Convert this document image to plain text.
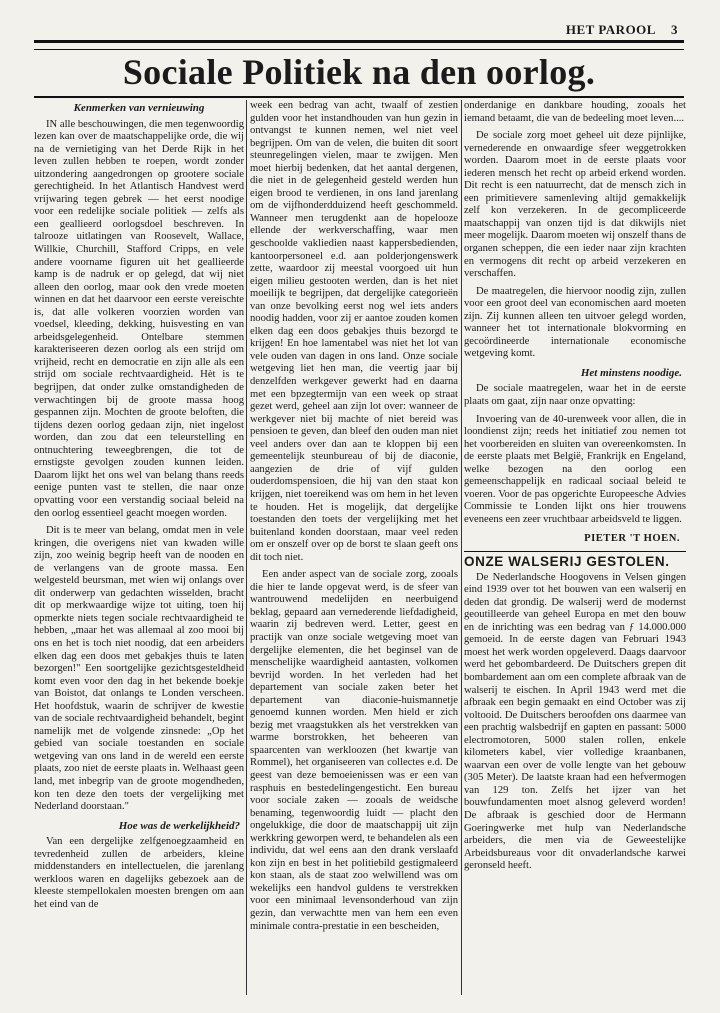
HET PAROOL 3
Sociale Politiek na den oorlog.
Kenmerken van vernieuwing

IN alle beschouwingen, die men tegenwoordig lezen kan over de maatschappelijke orde, die wij na de vernietiging van het Derde Rijk in het leven zullen hebben te roepen, wordt zonder uitzondering aangedrongen op grootere sociale gerechtigheid. In het Atlantisch Handvest werd vrijwaring tegen gebrek — het eerst noodige voor een redelijke sociale politiek — zelfs als een geallieerd oorlogsdoel beschreven. In talrooze uitlatingen van Roosevelt, Wallace, Willkie, Churchill, Stafford Cripps, en vele andere voorname figuren uit het geallieerde kamp is de nadruk er op gelegd, dat wij niet alleen den oorlog, maar ook den vrede moeten winnen en dat het daarvoor een eerste vereischte is, dat alle volkeren voorzien worden van voedsel, kleeding, dekking, huisvesting en van arbeidsgelegenheid. Ontelbare stemmen karakteriseeren dezen oorlog als een strijd om vrijheid, recht en democratie en zijn alle als een strijd om sociale rechtvaardigheid. Hèt is te begrijpen, dat onder zulke omstandigheden de verwachtingen bij de groote massa hoog gespannen zijn. Mochten de groote beloften, die tijdens dezen oorlog gedaan zijn, niet ingelost worden, dan zou dat een teleurstelling en ontnuchtering teweegbrengen, die tot de ernstigste gevolgen zouden kunnen leiden. Daarom lijkt het ons wel van belang thans reeds eenige punten vast te stellen, die naar onze opvatting voor een verstandig sociaal beleid na den oorlog essentieel geacht moegen worden.

Dit is te meer van belang, omdat men in vele kringen, die overigens niet van kwaden wille zijn, zoo weinig begrip heeft van de nooden en de verlangens van de groote massa. Een welgesteld beursman, met wien wij onlangs over dit onderwerp van gedachten wisselden, bracht dit op merkwaardige wijze tot uiting, toen hij opmerkte niets tegen sociale rechtvaardigheid te hebben, „maar het was allemaal al zoo mooi bij ons en het is toch niet noodig, dat een arbeiders elken dag een doos met gebakjes thuis te laten bezorgen!" Een soortgelijke gezichtsgesteldheid komt even voor den dag in het bekende boekje van Boistot, dat onlangs te Londen verscheen. Het hoofdstuk, waarin de schrijver de kwestie van de sociale rechtvaardigheid behandelt, begint namelijk met de volgende zinsnede: „Op het gebied van sociale toestanden en sociale wetgeving van ons land in de wereld een eerste plaats, zoo niet de eerste plaats in. Welhaast geen land, met inbegrip van de groote mogendheden, kon ten deze den toets der vergelijking met Nederland doorstaan."

Hoe was de werkelijkheid?

Van een dergelijke zelfgenoegzaamheid en tevredenheid zullen de arbeiders, kleine middenstanders en intellectuelen, die jarenlang werkloos waren en dagelijks gebezoek aan de kleeste stempellokalen moesten brengen om aan het eind van de

week een bedrag van acht, twaalf of zestien gulden voor het instandhouden van hun gezin in ontvangst te kunnen nemen, wel niet veel begrijpen. Om van de velen, die buiten dit soort steunregelingen vielen, maar te zwijgen. Men moet hierbij bedenken, dat het aantal dergenen, die niet in de gelegenheid gesteld werden hun eigen brood te verdienen, in ons land jarenlang om de vijfhonderdduizend heeft geschommeld. Wanneer men terugdenkt aan de hopelooze ellende der werkverschaffing, waar men geschoolde vakliedien naast kappersbedienden, kantoorpersoneel e.d. aan polderjongenswerk zette, waardoor zij meestal voorgoed uit hun eigen milieu gestooten werden, dan is het niet moeilijk te begrijpen, dat dergelijke categorieën van onze bevolking eerst nog wel iets anders noodig hadden, voor zij er aantoe zouden komen elken dag een doos gebakjes thuis bezorgd te krijgen! En hoe lamentabel was niet het lot van vele ouden van dagen in ons land. Onze sociale wetgeving liet hen man, die veertig jaar bij denzelfden werkgever gewerkt had en daarna met een bpzegtermijn van een week op straat gezet werd, geheel aan zijn lot over: wanneer de werkgever niet bij machte of niet bereid was pensioen te geven, dan bleef den ouden man niet veel anders over dan aan te kloppen bij een gemeentelijk steunbureau of bij de diaconie, aangezien de drie of vijf gulden ouderdomspensioen, die hij van den staat kon krijgen, niet toereikend was om hem in het leven te houden. Het is mogelijk, dat dergelijke toestanden den toets der vergelijking met het buitenland konden doorstaan, maar veel reden om er onszelf over op de borst te slaan geeft ons dit toch niet.

Een ander aspect van de sociale zorg, zooals die hier te lande opgevat werd, is de sfeer van wantrouwend medelijden en neerbuigend beklag, gepaard aan vernederende liefdadigheid, waarin zij bedreven werd. Letter, geest en practijk van onze sociale wetgeving moet van dergelijke elementen, die het beginsel van de menschelijke waardigheid aantasten, volkomen bevrijd worden. In het verleden had het departement van sociale zaken beter het departement van diaconie-huismannetje genoemd kunnen worden. Men hield er zich bezig met vraagstukken als het verstrekken van warme borstrokken, het beheeren van spaarcenten van werkloozen (het kwartje van Rommel), het organiseeren van collectes e.d. De geest van deze bemoeienissen was er een van rasphuis en bestedelingengesticht. Een bureau voor sociale zaken — zooals de weidsche benaming, tegenwoordig luidt — placht den ongelukkige, die door de maatschappij uit zijn werkkring geworpen werd, te behandelen als een individu, dat wel eens aan den drank verslaafd kon zijn en best in het politiebild gestigmaleerd kon staan, als de staat zoo welwillend was om wekelijks een handvol guldens te verstrekken voor een minimaal levensonderhoud van zijn gezin, dan verwachtte men van hem een even minimale contra-prestatie in een bescheiden,

onderdanige en dankbare houding, zooals het iemand betaamt, die van de bedeeling moet leven....

De sociale zorg moet geheel uit deze pijnlijke, vernederende en onwaardige sfeer weggetrokken worden. Daarom moet in de eerste plaats voor iederen mensch het recht op arbeid erkend worden. Dit recht is een natuurrecht, dat de mensch zich in een primitievere samenleving altijd gemakkelijk zelf kon verzekeren. In de gecompliceerde maatschappij van onzen tijd is dat dikwijls niet meer mogelijk. Daarom moeten wij onszelf thans de organen scheppen, die een ieder naar zijn krachten en vermogens dit recht op arbeid verzekeren en verschaffen.

De maatregelen, die hiervoor noodig zijn, zullen voor een groot deel van economischen aard moeten zijn. Zij kunnen alleen ten uitvoer gelegd worden, wanneer het tot internationale blokvorming en gecoördineerde internationale economische wetgeving komt.

Het minstens noodige.

De sociale maatregelen, waar het in de eerste plaats om gaat, zijn naar onze opvatting:

Invoering van de 40-urenweek voor allen, die in loondienst zijn; reeds het initiatief zou nemen tot het voorbereiden en sluiten van overeenkomsten. In de eerste plaats met België, Frankrijk en Engeland, welke bezogen na den oorlog een gemeenschappelijk en radicaal sociaal beleid te voeren. Voor de pas opgerichte Europeesche Advies Commissie te Londen lijkt ons hier trouwens eveneens een zeer vruchtbaar arbeidsveld te liggen.

PIETER 'T HOEN.
ONZE WALSERIJ GESTOLEN.

De Nederlandsche Hoogovens in Velsen gingen eind 1939 over tot het bouwen van een walserij en deden dat grondig. De walserij werd de modernst geoutilleerde van geheel Europa en met den bouw en de inrichting was een bedrag van ƒ 14.000.000 gemoeid. In de eerste dagen van Februari 1943 moest het werk worden opgeleverd. Daags daarvoor werd het gebombardeerd. De Duitschers grepen dit bombardement aan om een complete afbraak van de walserij te eischen. In April 1943 werd met die afbraak een begin gemaakt en eind October was zij voltooid. De Duitschers beroofden ons daarmee van een prachtig walsbedrijf en gapten en passant: 5000 electromotoren, 5000 stalen rollen, enkele kilometers kabel, vier volledige kraanbanen, waarvan een over de volle lengte van het gebouw (305 Meter). De laatste kraan had een hefvermogen van 129 ton. Zelfs het ijzer van het bouwfundamenten moet alsnog geleverd worden! De afbraak is geschied door de Hermann Goeringwerke met hulp van Nederlandsche arbeiders, die men via de Geweestelijke Arbeidsbureaus voor dit onvaderlandsche karwei geronseld heeft.
